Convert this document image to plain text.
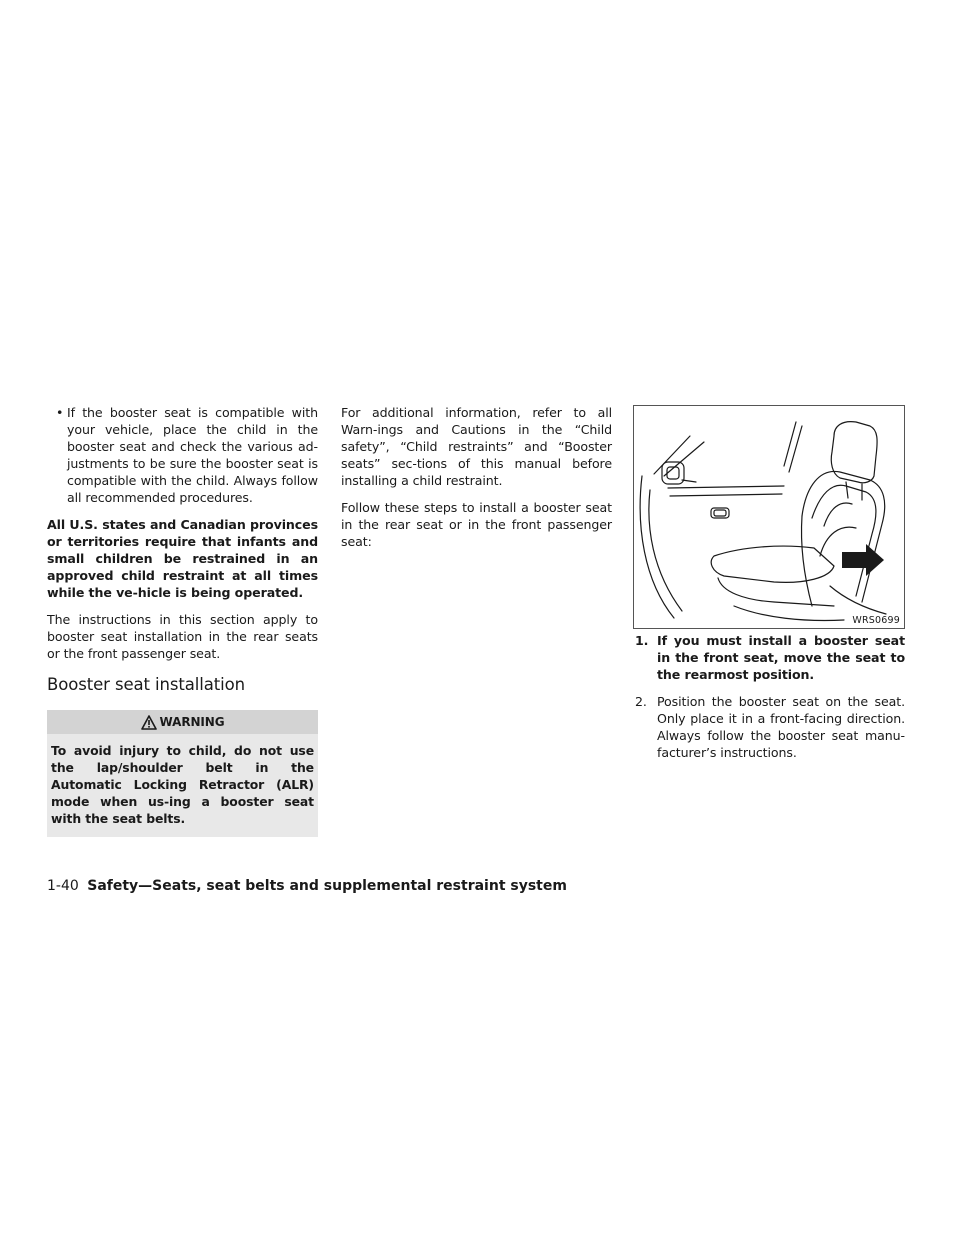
• If the booster seat is compatible with your vehicle, place the child in the booster seat and check the various ad‐justments to be sure the booster seat is compatible with the child. Always follow all recommended procedures.

All U.S. states and Canadian provinces or territories require that infants and small children be restrained in an approved child restraint at all times while the ve‐hicle is being operated.

The instructions in this section apply to booster seat installation in the rear seats or the front passenger seat.

Booster seat installation
WARNING
To avoid injury to child, do not use the lap/shoulder belt in the Automatic Locking Retractor (ALR) mode when us‐ing a booster seat with the seat belts.

For additional information, refer to all Warn‐ings and Cautions in the “Child safety”, “Child restraints” and “Booster seats” sec‐tions of this manual before installing a child restraint.

Follow these steps to install a booster seat in the rear seat or in the front passenger seat:

WRS0699
1. If you must install a booster seat in the front seat, move the seat to the rearmost position.
2. Position the booster seat on the seat. Only place it in a front-facing direction. Always follow the booster seat manu‐facturer’s instructions.
1-40 Safety—Seats, seat belts and supplemental restraint system
